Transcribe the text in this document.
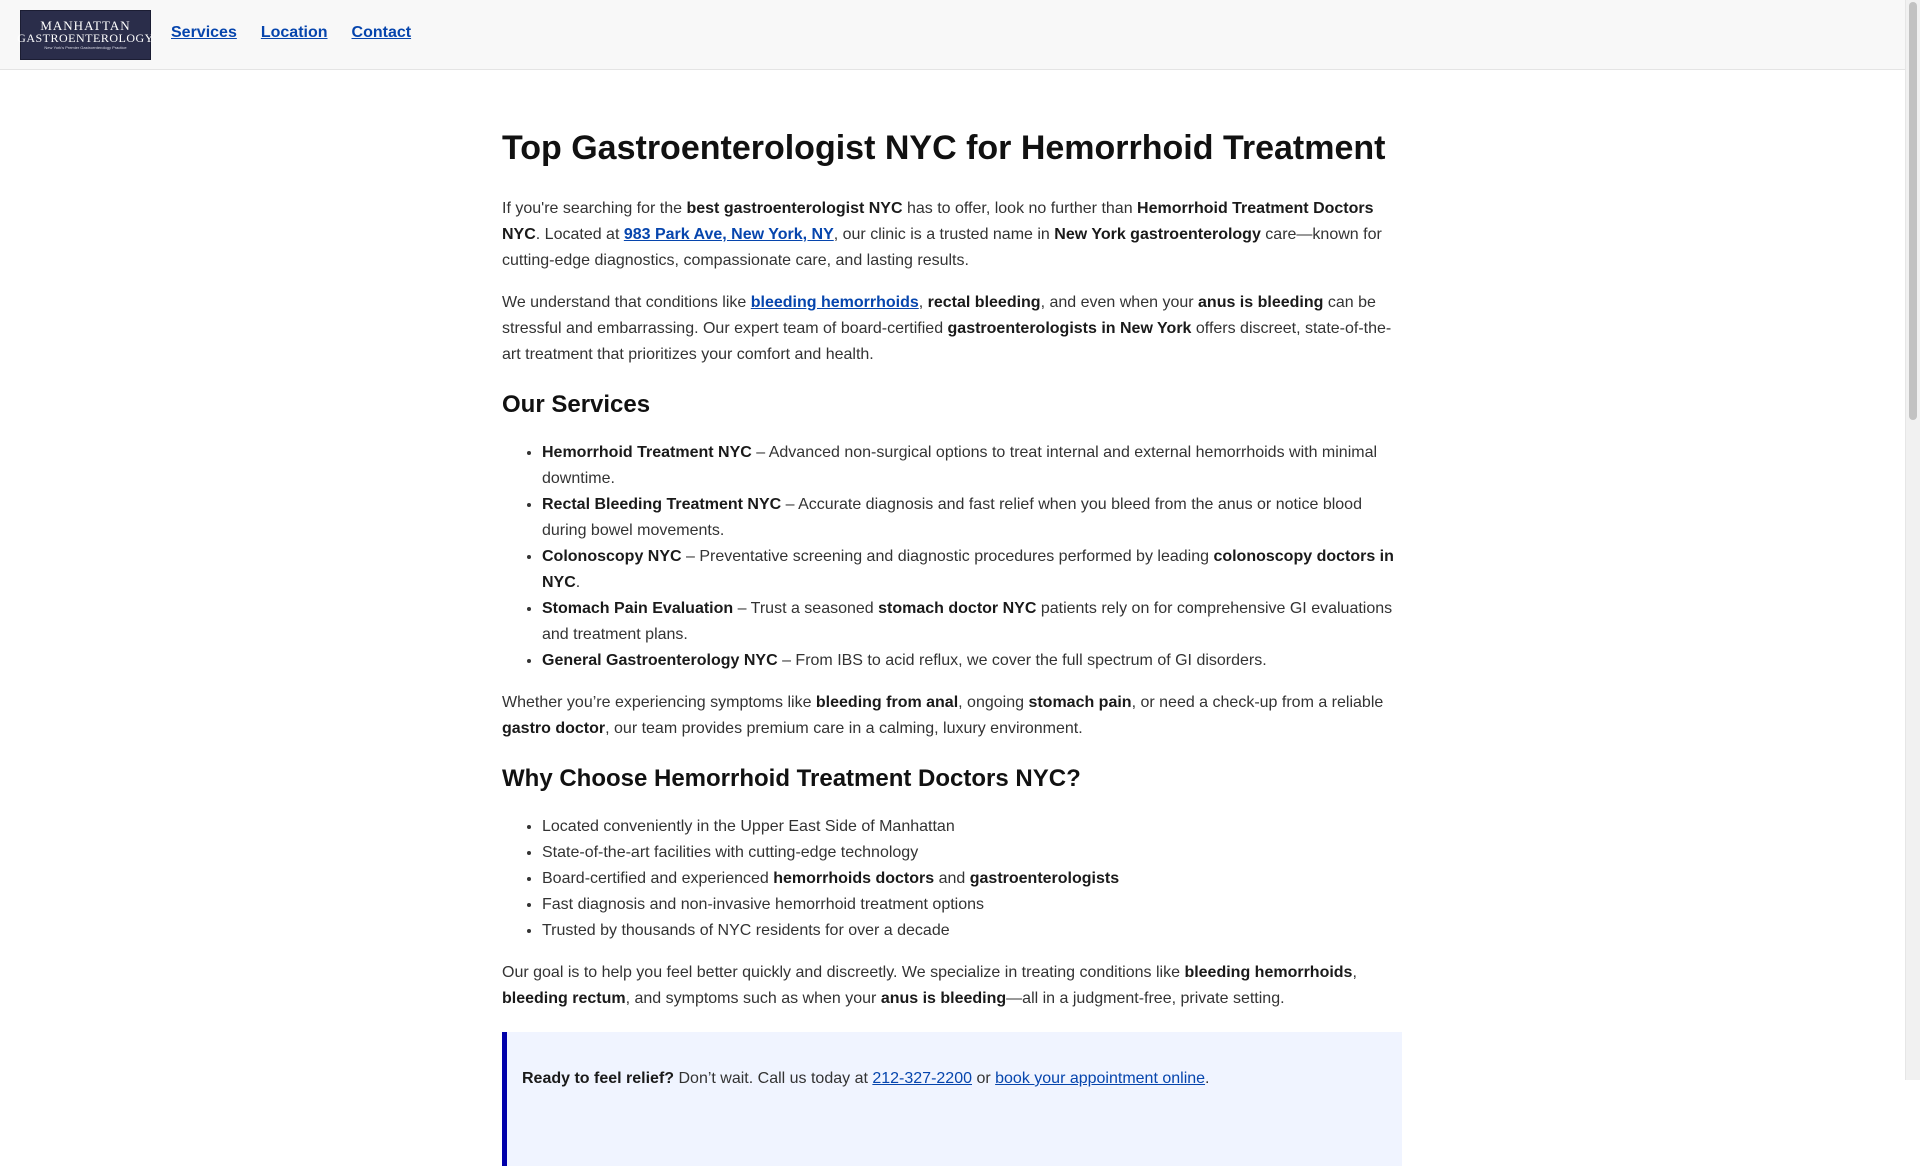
MANHATTAN
GASTROENTEROLOGY
New York's Premier Gastroenterology Practice
Services Location Contact
Top Gastroenterologist NYC for Hemorrhoid Treatment

If you're searching for the best gastroenterologist NYC has to offer, look no further than Hemorrhoid Treatment Doctors NYC. Located at 983 Park Ave, New York, NY, our clinic is a trusted name in New York gastroenterology care—known for cutting-edge diagnostics, compassionate care, and lasting results.

We understand that conditions like bleeding hemorrhoids, rectal bleeding, and even when your anus is bleeding can be stressful and embarrassing. Our expert team of board-certified gastroenterologists in New York offers discreet, state-of-the-art treatment that prioritizes your comfort and health.

Our Services
• Hemorrhoid Treatment NYC – Advanced non-surgical options to treat internal and external hemorrhoids with minimal downtime.
• Rectal Bleeding Treatment NYC – Accurate diagnosis and fast relief when you bleed from the anus or notice blood during bowel movements.
• Colonoscopy NYC – Preventative screening and diagnostic procedures performed by leading colonoscopy doctors in NYC.
• Stomach Pain Evaluation – Trust a seasoned stomach doctor NYC patients rely on for comprehensive GI evaluations and treatment plans.
• General Gastroenterology NYC – From IBS to acid reflux, we cover the full spectrum of GI disorders.

Whether you’re experiencing symptoms like bleeding from anal, ongoing stomach pain, or need a check-up from a reliable gastro doctor, our team provides premium care in a calming, luxury environment.

Why Choose Hemorrhoid Treatment Doctors NYC?
• Located conveniently in the Upper East Side of Manhattan
• State-of-the-art facilities with cutting-edge technology
• Board-certified and experienced hemorrhoids doctors and gastroenterologists
• Fast diagnosis and non-invasive hemorrhoid treatment options
• Trusted by thousands of NYC residents for over a decade

Our goal is to help you feel better quickly and discreetly. We specialize in treating conditions like bleeding hemorrhoids, bleeding rectum, and symptoms such as when your anus is bleeding—all in a judgment-free, private setting.

Ready to feel relief? Don’t wait. Call us today at 212-327-2200 or book your appointment online.
